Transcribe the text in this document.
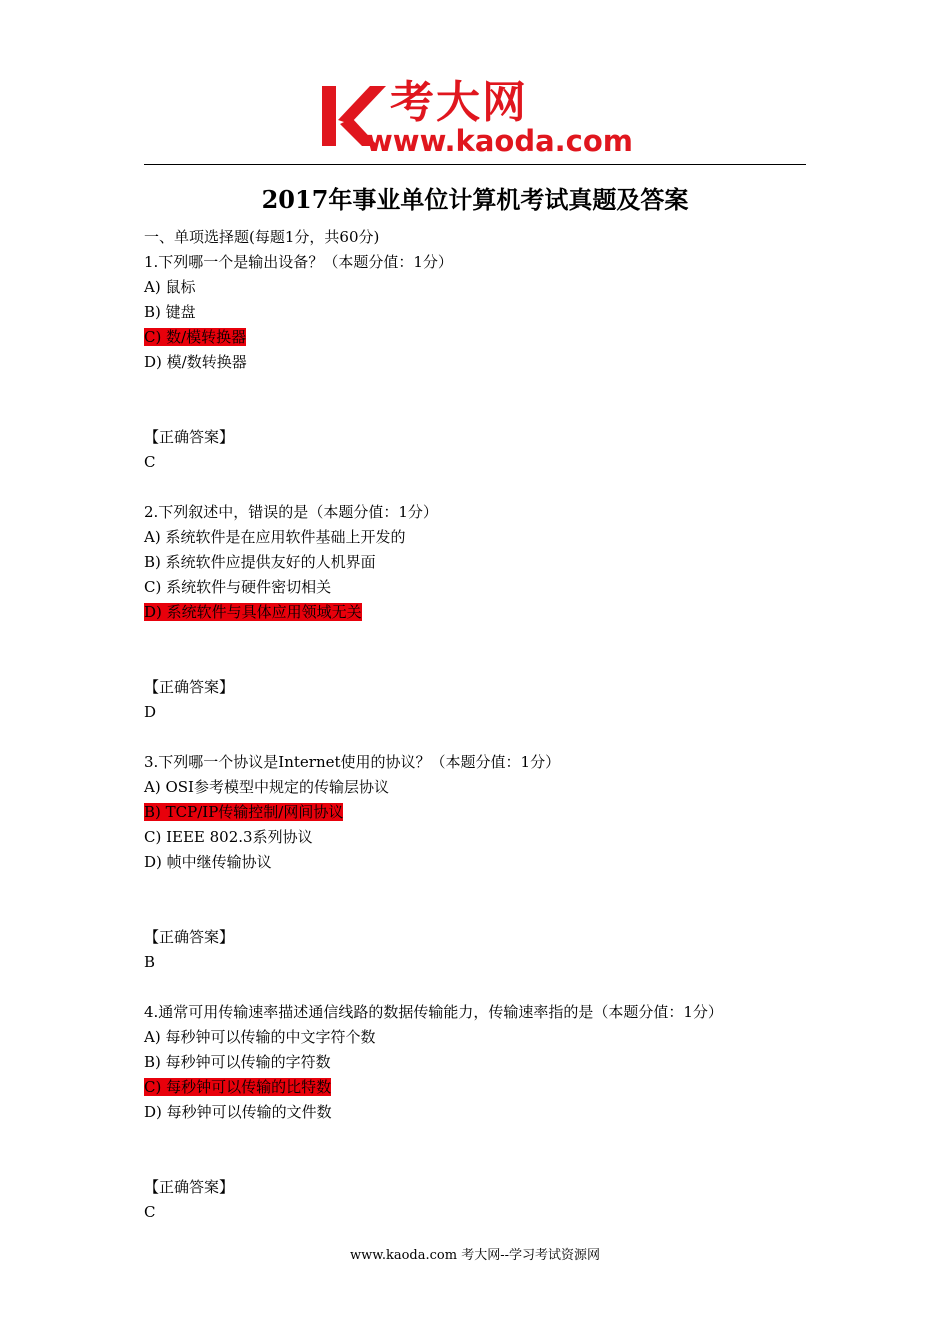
考大网
www.kaoda.com
2017年事业单位计算机考试真题及答案
一、单项选择题(每题1分，共60分)
1.下列哪一个是输出设备？（本题分值：1分）
A) 鼠标
B) 键盘
C) 数/模转换器
D) 模/数转换器
【正确答案】
C
2.下列叙述中，错误的是（本题分值：1分）
A) 系统软件是在应用软件基础上开发的
B) 系统软件应提供友好的人机界面
C) 系统软件与硬件密切相关
D) 系统软件与具体应用领域无关
【正确答案】
D
3.下列哪一个协议是Internet使用的协议？（本题分值：1分）
A) OSI参考模型中规定的传输层协议
B) TCP/IP传输控制/网间协议
C) IEEE 802.3系列协议
D) 帧中继传输协议
【正确答案】
B
4.通常可用传输速率描述通信线路的数据传输能力，传输速率指的是（本题分值：1分）
A) 每秒钟可以传输的中文字符个数
B) 每秒钟可以传输的字符数
C) 每秒钟可以传输的比特数
D) 每秒钟可以传输的文件数
【正确答案】
C
www.kaoda.com 考大网--学习考试资源网
